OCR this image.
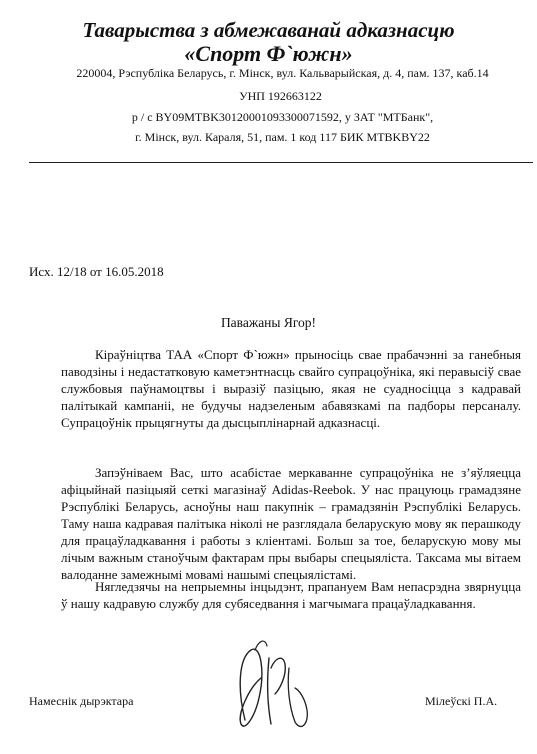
Таварыства з абмежаванай адказнасцю
«Спорт Ф`южн»
220004, Рэспубліка Беларусь, г. Мінск, вул. Кальварыйская, д. 4, пам. 137, каб.14
УНП 192663122
р / с BY09MTBK30120001093300071592, у ЗАТ "МТБанк",
г. Мінск, вул. Караля, 51, пам. 1 код 117 БИК MTBKBY22
Исх. 12/18 от 16.05.2018
Паважаны Ягор!

Кіраўніцтва ТАА «Спорт Ф`южн» прыносіць свае прабачэнні за ганебныя паводзіны і недастатковую каметэнтнасць свайго супрацоўніка, які перавысіў свае службовыя паўнамоцтвы і выразіў пазіцыю, якая не суадносіцца з кадравай палітыкай кампаніі, не будучы надзеленым абавязкамі па падборы персаналу. Супрацоўнік прыцягнуты да дысцыплінарнай адказнасці.

Запэўніваем Вас, што асабістае меркаванне супрацоўніка не з’яўляецца афіцыйнай пазіцыяй сеткі магазінаў Adidas-Reebok. У нас працуюць грамадзяне Рэспублікі Беларусь, асноўны наш пакупнік – грамадзянін Рэспублікі Беларусь. Таму наша кадравая палітыка ніколі не разглядала беларускую мову як перашкоду для працаўладкавання і работы з кліентамі. Больш за тое, беларускую мову мы лічым важным станоўчым фактарам пры выбары спецыяліста. Таксама мы вітаем валоданне замежнымі мовамі нашымі спецыялістамі.

Нягледзячы на непрыемны інцыдэнт, прапануем Вам непасрэдна звярнуцца ў нашу кадравую службу для субяседвання і магчымага працаўладкавання.

Намеснік дырэктара	Мілеўскі П.А.
